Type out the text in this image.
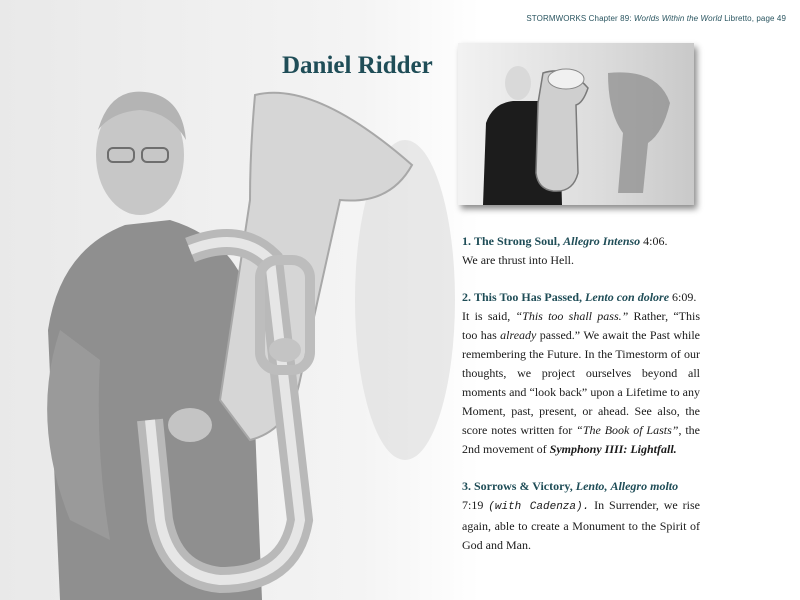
STORMWORKS Chapter 89: Worlds Within the World Libretto, page 49
Daniel Ridder

1. The Strong Soul, Allegro Intenso 4:06.
We are thrust into Hell.

2. This Too Has Passed, Lento con dolore 6:09.
It is said, “This too shall pass.” Rather, “This too has already passed.” We await the Past while remembering the Future. In the Timestorm of our thoughts, we project ourselves beyond all moments and “look back” upon a Lifetime to any Moment, past, present, or ahead. See also, the score notes written for “The Book of Lasts”, the 2nd movement of Symphony IIII: Lightfall.

3. Sorrows & Victory, Lento, Allegro molto
7:19 (with Cadenza). In Surrender, we rise again, able to create a Monument to the Spirit of God and Man.
